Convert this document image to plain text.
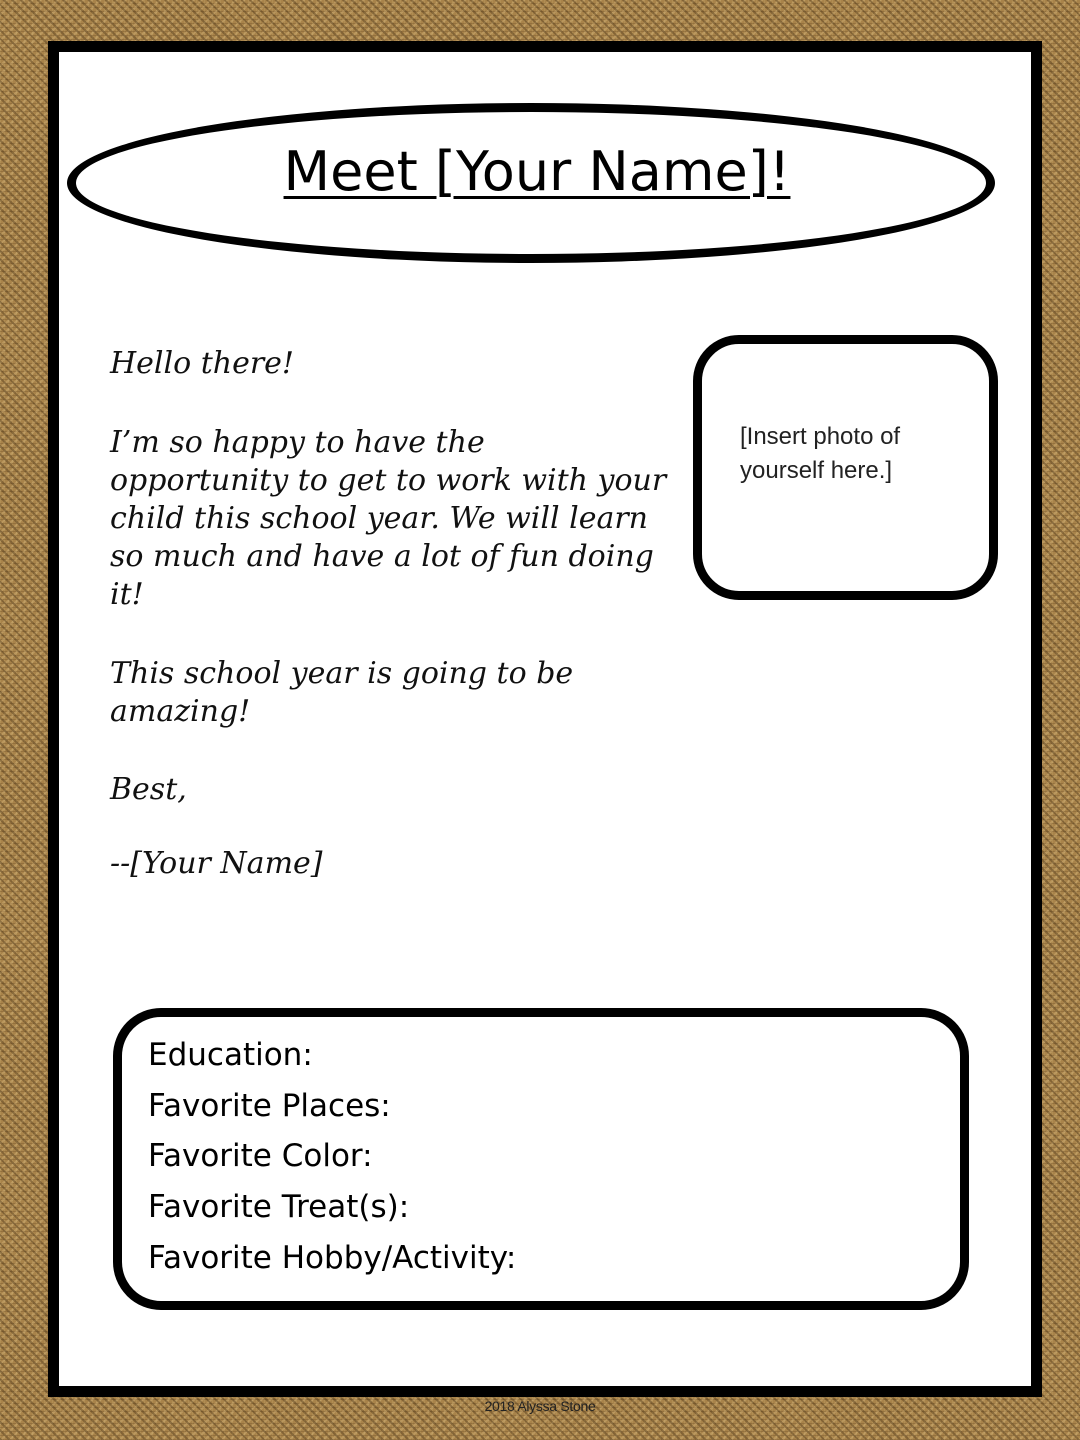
Meet [Your Name]!
Hello there!
I’m so happy to have the opportunity to get to work with your child this school year. We will learn so much and have a lot of fun doing it!
This school year is going to be amazing!
Best,
--[Your Name]
[Insert photo of yourself here.]
Education:
Favorite Places:
Favorite Color:
Favorite Treat(s):
Favorite Hobby/Activity:
2018 Alyssa Stone
